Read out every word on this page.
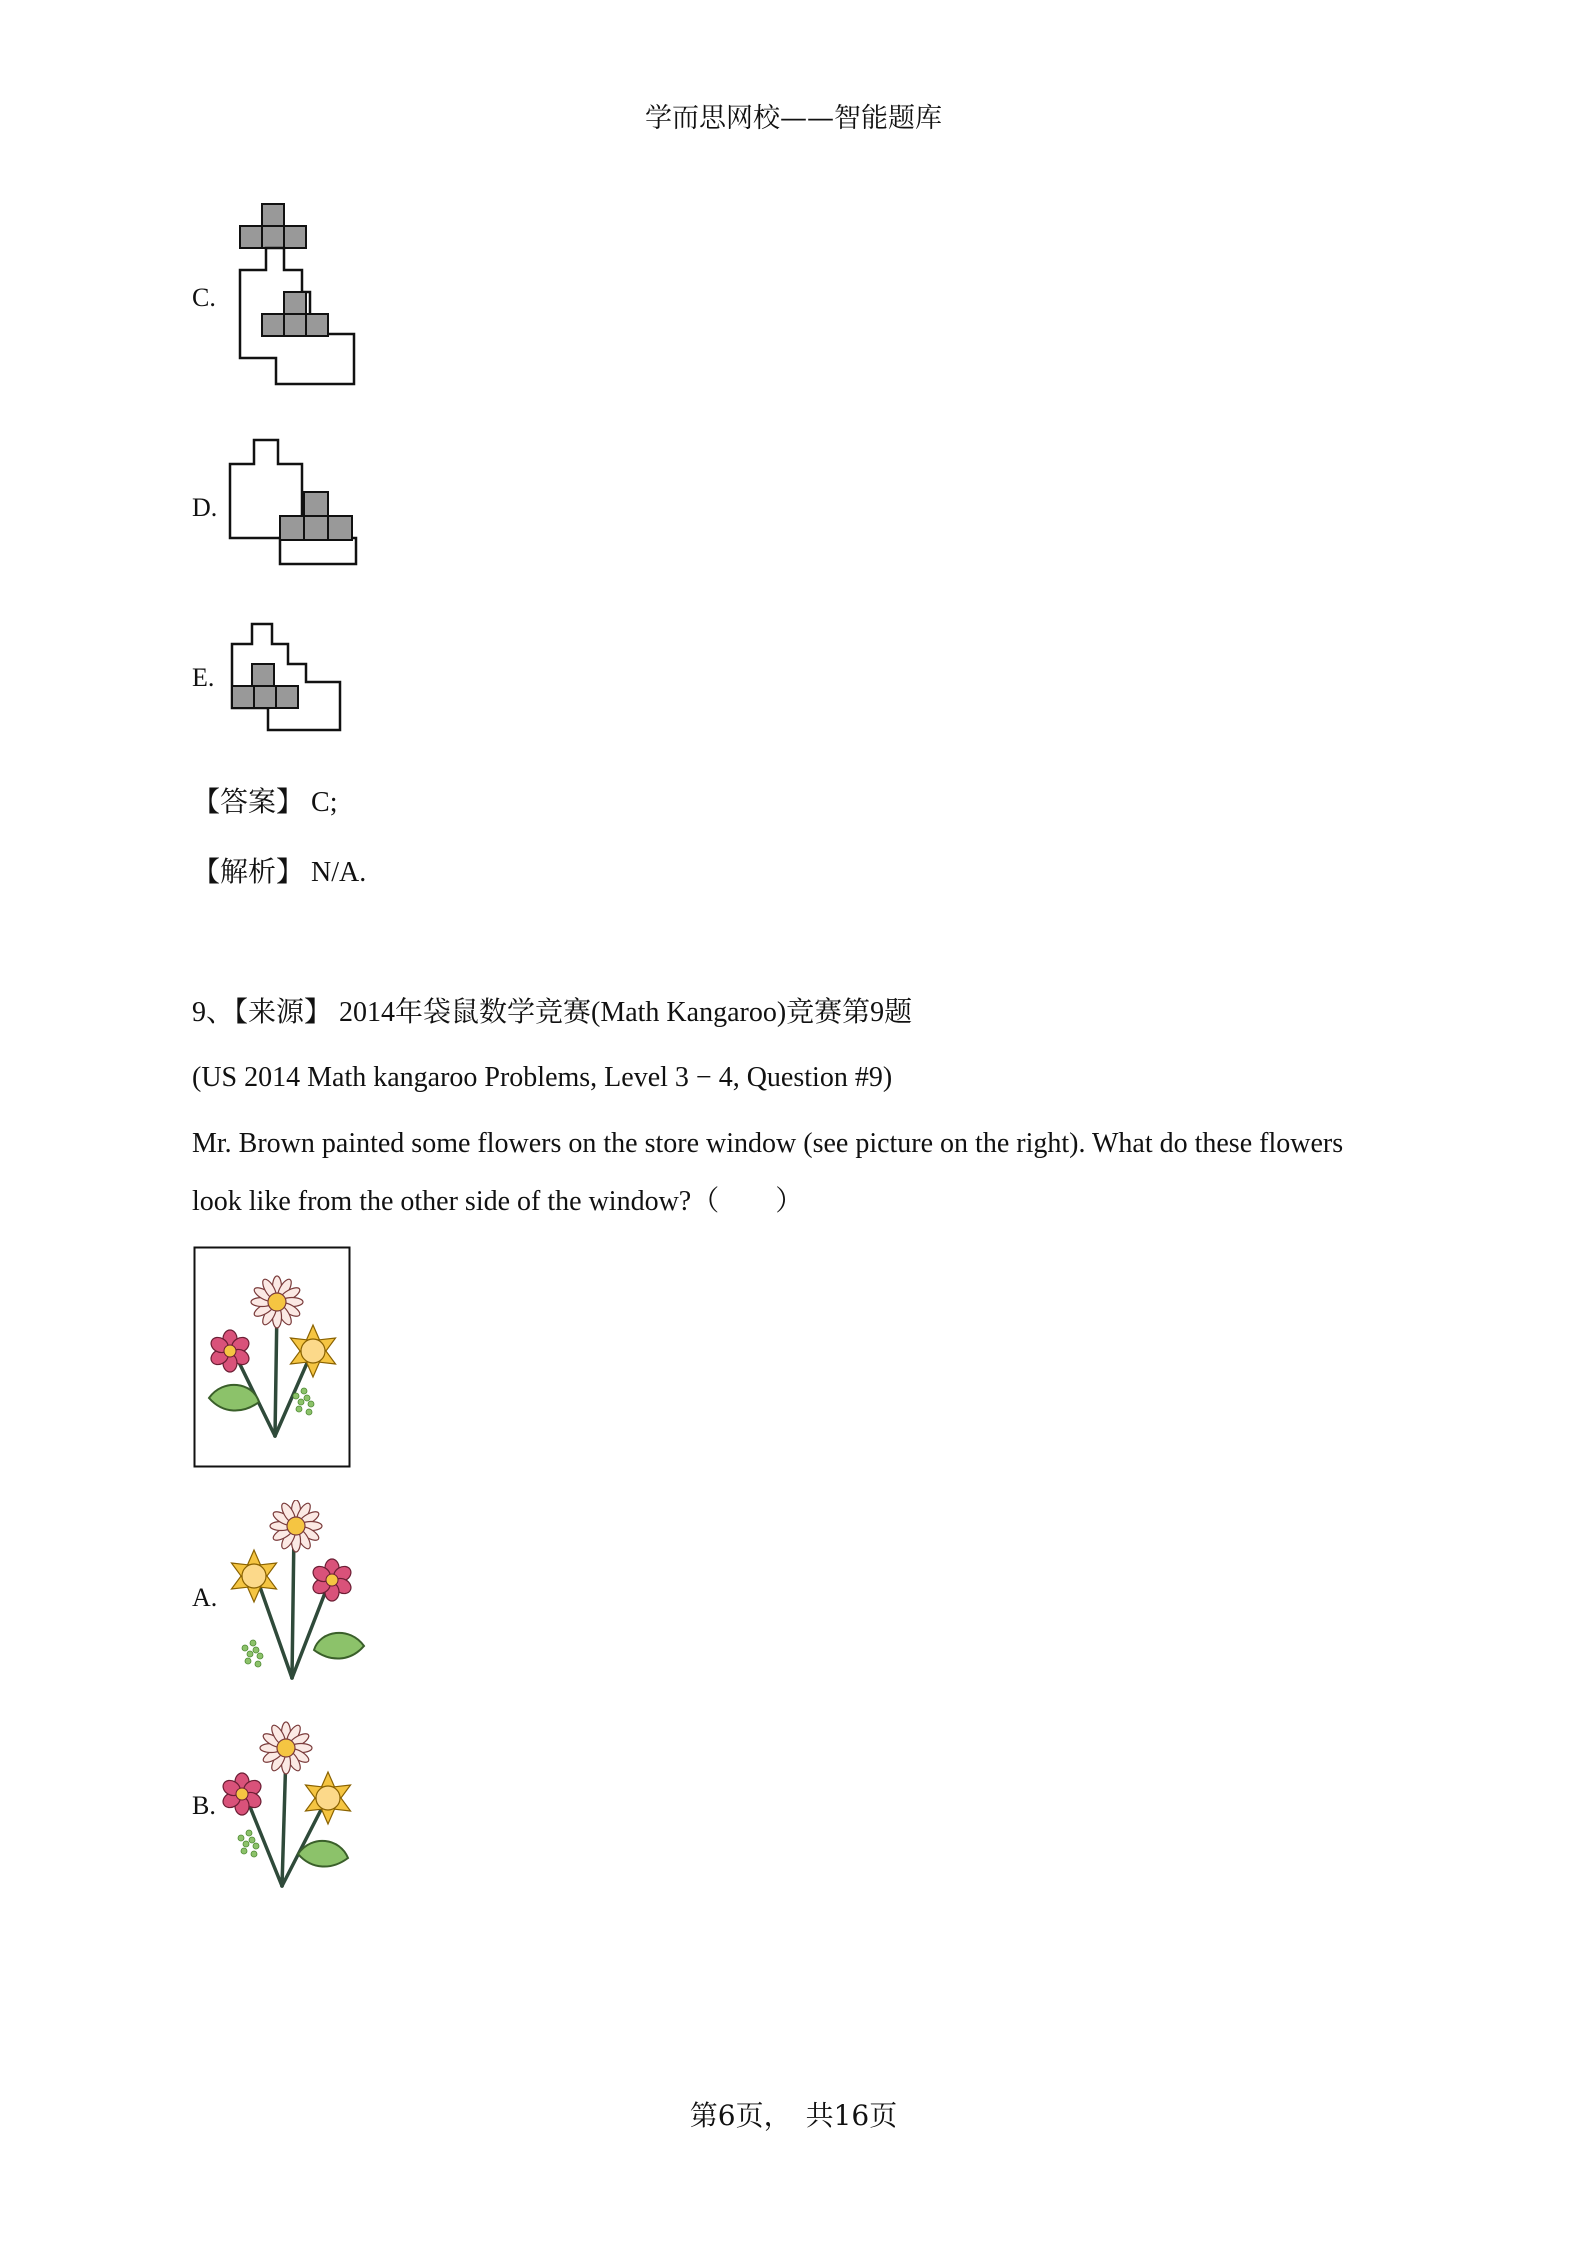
学而思网校——智能题库
C.
D.
E.
【答案】 C;
【解析】 N/A.
9、【来源】 2014年袋鼠数学竞赛(Math Kangaroo)竞赛第9题
(US 2014 Math kangaroo Problems, Level 3 − 4, Question #9)
Mr. Brown painted some flowers on the store window (see picture on the right). What do these flowers
look like from the other side of the window?（　　）
A.
B.
第6页，　共16页
